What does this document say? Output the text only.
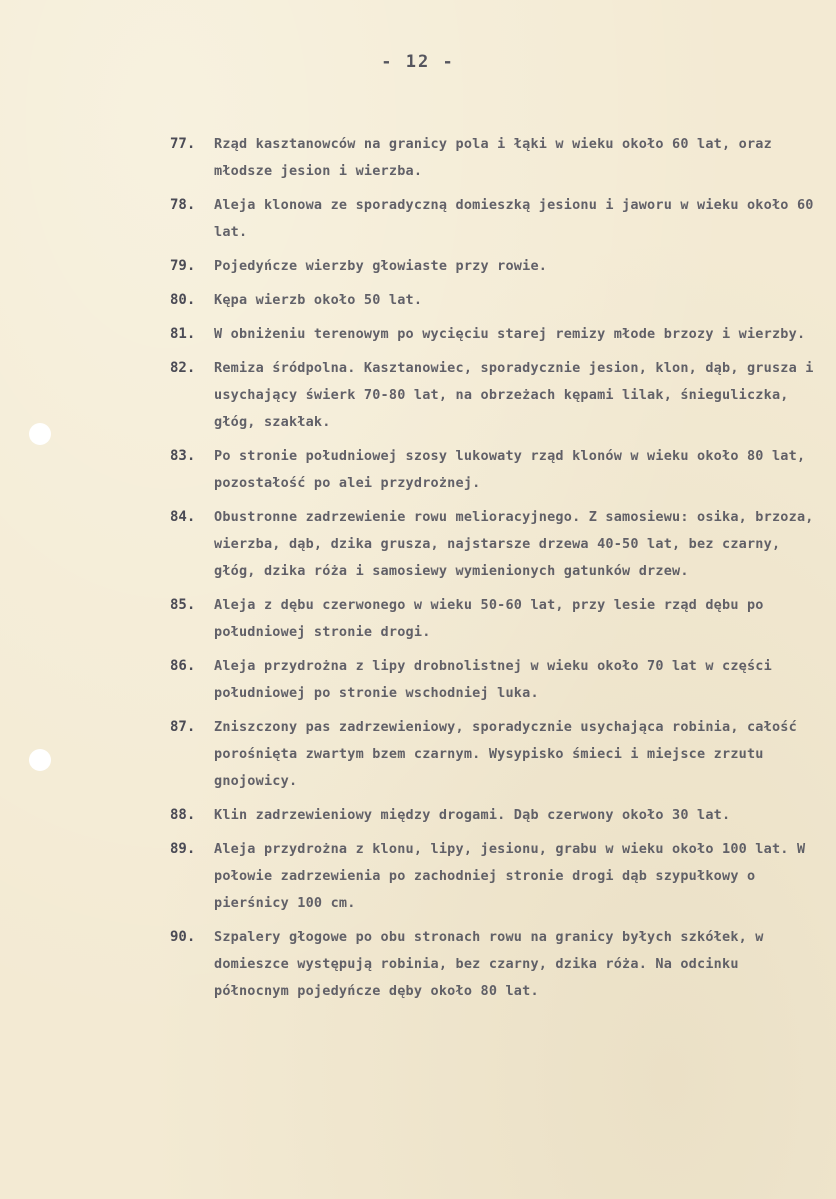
- 12 -
77.	Rząd kasztanowców na granicy pola i łąki w wieku około 60 lat, oraz młodsze jesion i wierzba.
78.	Aleja klonowa ze sporadyczną domieszką jesionu i jaworu w wieku około 60 lat.
79.	Pojedyńcze wierzby głowiaste przy rowie.
80.	Kępa wierzb około 50 lat.
81.	W obniżeniu terenowym po wycięciu starej remizy młode brzozy i wierzby.
82.	Remiza śródpolna. Kasztanowiec, sporadycznie jesion, klon, dąb, grusza i usychający świerk 70-80 lat, na obrzeżach kępami lilak, śnieguliczka, głóg, szakłak.
83.	Po stronie południowej szosy lukowaty rząd klonów w wieku około 80 lat, pozostałość po alei przydrożnej.
84.	Obustronne zadrzewienie rowu melioracyjnego. Z samosiewu: osika, brzoza, wierzba, dąb, dzika grusza, najstarsze drzewa 40-50 lat, bez czarny, głóg, dzika róża i samosiewy wymienionych gatunków drzew.
85.	Aleja z dębu czerwonego w wieku 50-60 lat, przy lesie rząd dębu po południowej stronie drogi.
86.	Aleja przydrożna z lipy drobnolistnej w wieku około 70 lat w części południowej po stronie wschodniej luka.
87.	Zniszczony pas zadrzewieniowy, sporadycznie usychająca robinia, całość porośnięta zwartym bzem czarnym. Wysypisko śmieci i miejsce zrzutu gnojowicy.
88.	Klin zadrzewieniowy między drogami. Dąb czerwony około 30 lat.
89.	Aleja przydrożna z klonu, lipy, jesionu, grabu w wieku około 100 lat. W połowie zadrzewienia po zachodniej stronie drogi dąb szypułkowy o pierśnicy 100 cm.
90.	Szpalery głogowe po obu stronach rowu na granicy byłych szkółek, w domieszce występują robinia, bez czarny, dzika róża. Na odcinku północnym pojedyńcze dęby około 80 lat.
